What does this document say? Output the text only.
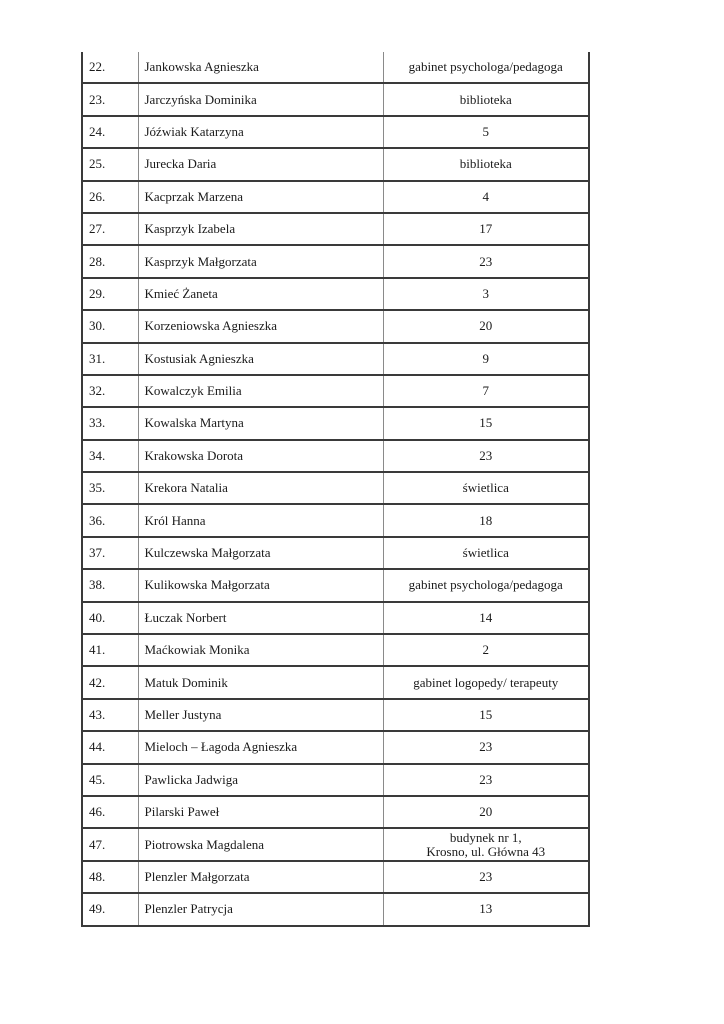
22.	Jankowska Agnieszka	gabinet psychologa/pedagoga

23.	Jarczyńska Dominika	biblioteka

24.	Jóźwiak Katarzyna	5

25.	Jurecka Daria	biblioteka

26.	Kacprzak Marzena	4

27.	Kasprzyk Izabela	17

28.	Kasprzyk Małgorzata	23

29.	Kmieć Żaneta	3

30.	Korzeniowska Agnieszka	20

31.	Kostusiak Agnieszka	9

32.	Kowalczyk Emilia	7

33.	Kowalska Martyna	15

34.	Krakowska Dorota	23

35.	Krekora Natalia	świetlica

36.	Król Hanna	18

37.	Kulczewska Małgorzata	świetlica

38.	Kulikowska Małgorzata	gabinet psychologa/pedagoga

40.	Łuczak Norbert	14

41.	Maćkowiak Monika	2

42.	Matuk Dominik	gabinet logopedy/ terapeuty

43.	Meller Justyna	15

44.	Mieloch – Łagoda Agnieszka	23

45.	Pawlicka Jadwiga	23

46.	Pilarski Paweł	20

47.	Piotrowska Magdalena	budynek nr 1,
Krosno, ul. Główna 43

48.	Plenzler Małgorzata	23

49.	Plenzler Patrycja	13
